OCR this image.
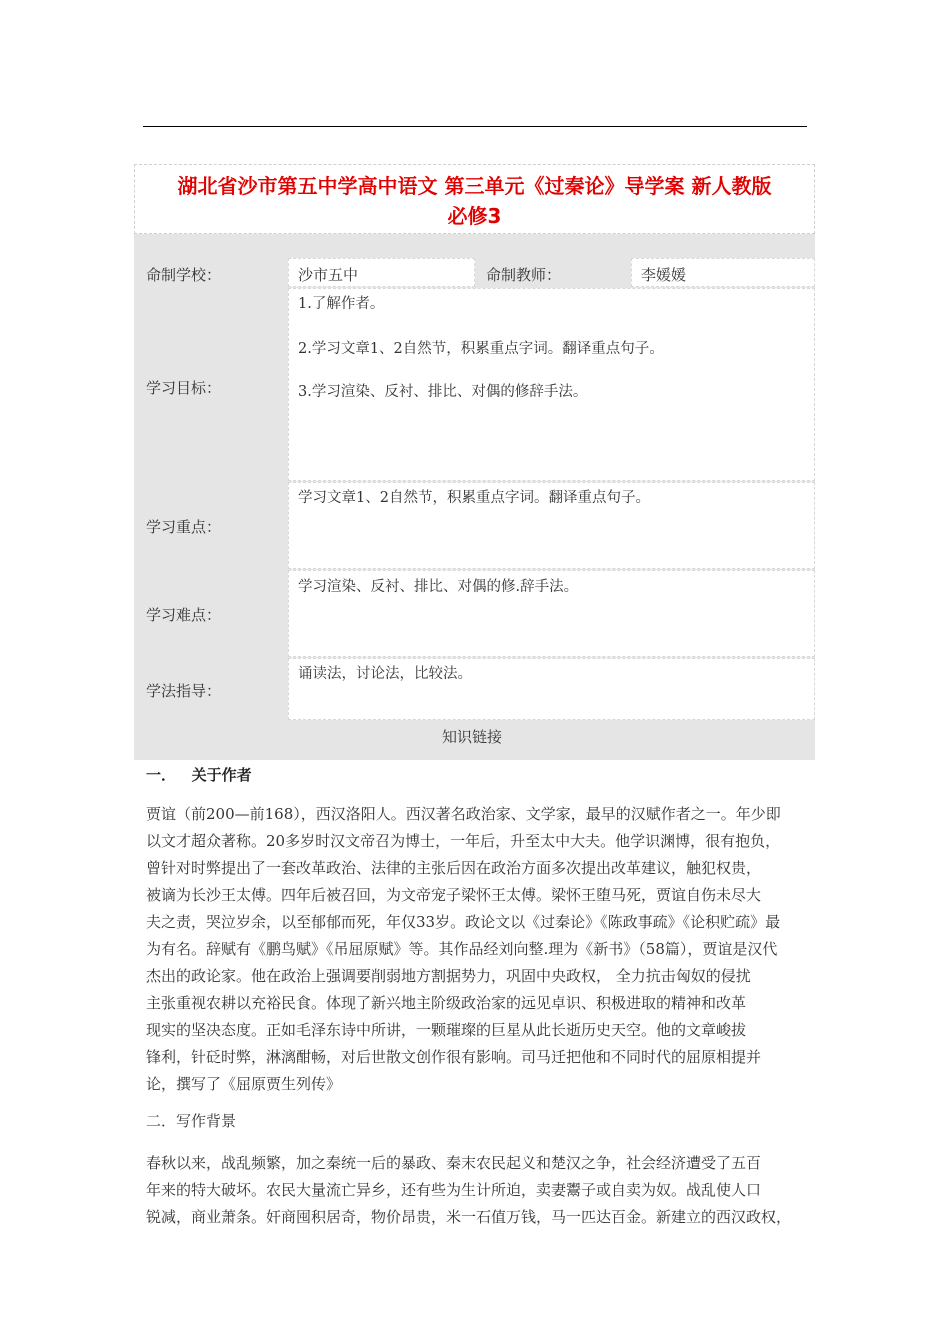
湖北省沙市第五中学高中语文 第三单元《过秦论》导学案 新人教版
必修3
命制学校：	沙市五中	命制教师：	李媛媛
学习目标：
1.了解作者。
2.学习文章1、2自然节，积累重点字词。翻译重点句子。
3.学习渲染、反衬、排比、对偶的修辞手法。
学习重点：
学习文章1、2自然节，积累重点字词。翻译重点句子。
学习难点：
学习渲染、反衬、排比、对偶的修.辞手法。
学法指导：
诵读法，讨论法，比较法。
知识链接
一．   关于作者
贾谊（前200—前168），西汉洛阳人。西汉著名政治家、文学家，最早的汉赋作者之一。年少即
以文才超众著称。20多岁时汉文帝召为博士，一年后，升至太中大夫。他学识渊博，很有抱负，
曾针对时弊提出了一套改革政治、法律的主张后因在政治方面多次提出改革建议，触犯权贵，
被谪为长沙王太傅。四年后被召回，为文帝宠子梁怀王太傅。梁怀王堕马死，贾谊自伤未尽大
夫之责，哭泣岁余，以至郁郁而死，年仅33岁。政论文以《过秦论》《陈政事疏》《论积贮疏》最
为有名。辞赋有《鹏鸟赋》《吊屈原赋》等。其作品经刘向整.理为《新书》（58篇），贾谊是汉代
杰出的政论家。他在政治上强调要削弱地方割据势力，巩固中央政权， 全力抗击匈奴的侵扰
主张重视农耕以充裕民食。体现了新兴地主阶级政治家的远见卓识、积极进取的精神和改革
现实的坚决态度。正如毛泽东诗中所讲，一颗璀璨的巨星从此长逝历史天空。他的文章峻拔
锋利，针砭时弊，淋漓酣畅，对后世散文创作很有影响。司马迁把他和不同时代的屈原相提并
论，撰写了《屈原贾生列传》
二．写作背景
春秋以来，战乱频繁，加之秦统一后的暴政、秦末农民起义和楚汉之争，社会经济遭受了五百
年来的特大破坏。农民大量流亡异乡，还有些为生计所迫，卖妻鬻子或自卖为奴。战乱使人口
锐减，商业萧条。奸商囤积居奇，物价昂贵，米一石值万钱，马一匹达百金。新建立的西汉政权，
